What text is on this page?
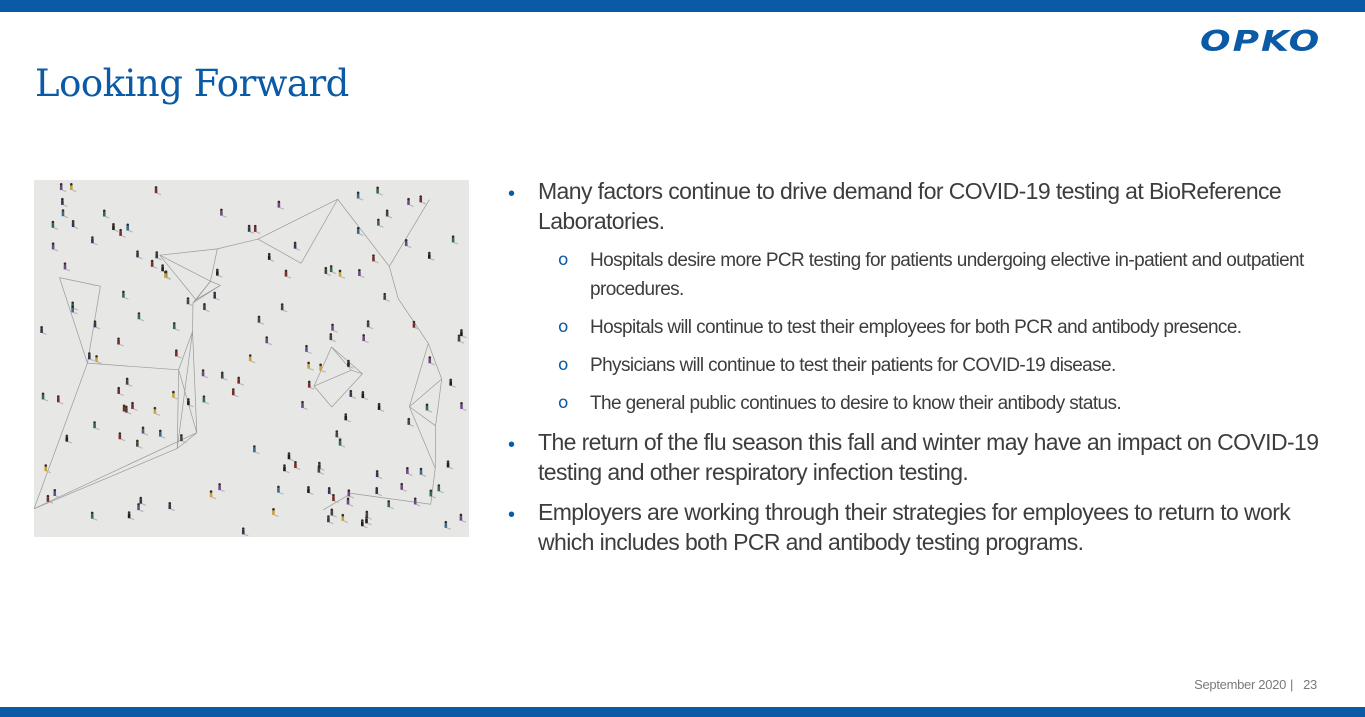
OPKO
Looking Forward
• Many factors continue to drive demand for COVID-19 testing at BioReference Laboratories.
o Hospitals desire more PCR testing for patients undergoing elective in-patient and outpatient procedures.
o Hospitals will continue to test their employees for both PCR and antibody presence.
o Physicians will continue to test their patients for COVID-19 disease.
o The general public continues to desire to know their antibody status.
• The return of the flu season this fall and winter may have an impact on COVID-19 testing and other respiratory infection testing.
• Employers are working through their strategies for employees to return to work which includes both PCR and antibody testing programs.
September 2020 | 23
